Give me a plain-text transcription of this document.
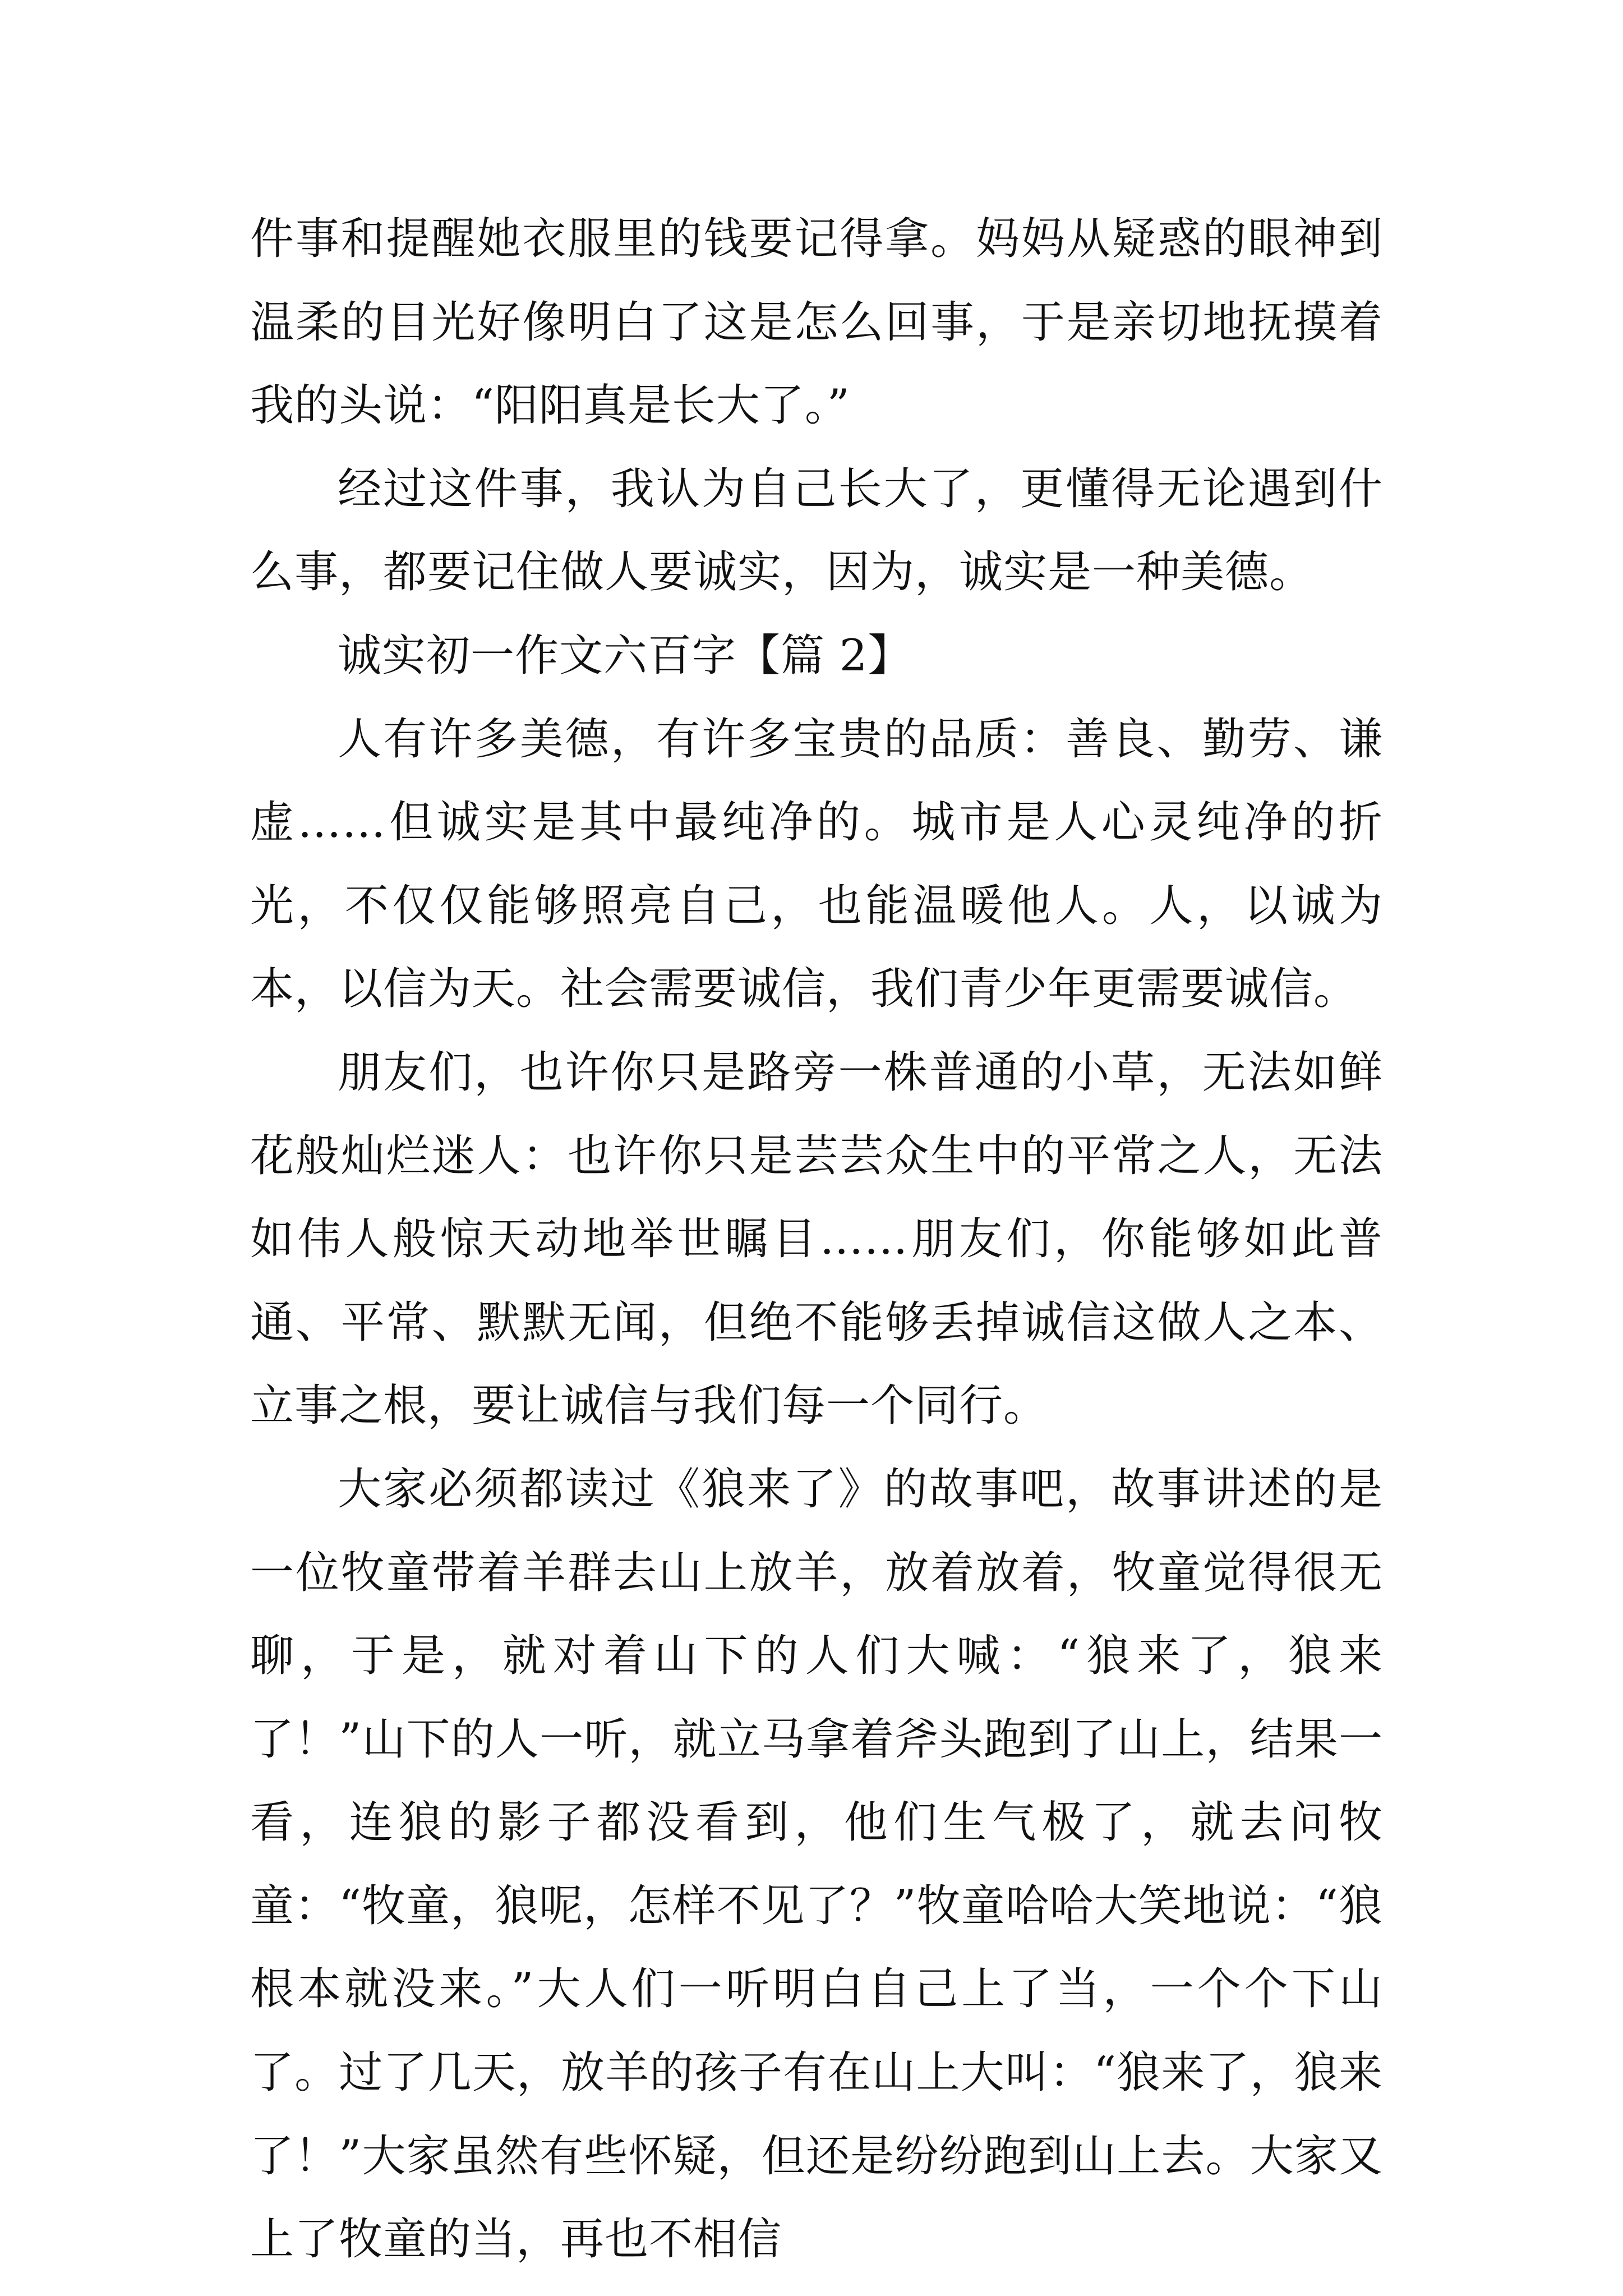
件事和提醒她衣服里的钱要记得拿。妈妈从疑惑的眼神到温柔的目光好像明白了这是怎么回事，于是亲切地抚摸着我的头说：“阳阳真是长大了。”

经过这件事，我认为自己长大了，更懂得无论遇到什么事，都要记住做人要诚实，因为，诚实是一种美德。

诚实初一作文六百字【篇 2】

人有许多美德，有许多宝贵的品质：善良、勤劳、谦虚……但诚实是其中最纯净的。城市是人心灵纯净的折光，不仅仅能够照亮自己，也能温暖他人。人，以诚为本，以信为天。社会需要诚信，我们青少年更需要诚信。

朋友们，也许你只是路旁一株普通的小草，无法如鲜花般灿烂迷人：也许你只是芸芸众生中的平常之人，无法如伟人般惊天动地举世瞩目……朋友们，你能够如此普通、平常、默默无闻，但绝不能够丢掉诚信这做人之本、立事之根，要让诚信与我们每一个同行。

大家必须都读过《狼来了》的故事吧，故事讲述的是一位牧童带着羊群去山上放羊，放着放着，牧童觉得很无聊，于是，就对着山下的人们大喊：“狼来了，狼来了！”山下的人一听，就立马拿着斧头跑到了山上，结果一看，连狼的影子都没看到，他们生气极了，就去问牧童：“牧童，狼呢，怎样不见了？”牧童哈哈大笑地说：“狼根本就没来。”大人们一听明白自己上了当，一个个下山了。过了几天，放羊的孩子有在山上大叫：“狼来了，狼来了！”大家虽然有些怀疑，但还是纷纷跑到山上去。大家又上了牧童的当，再也不相信
